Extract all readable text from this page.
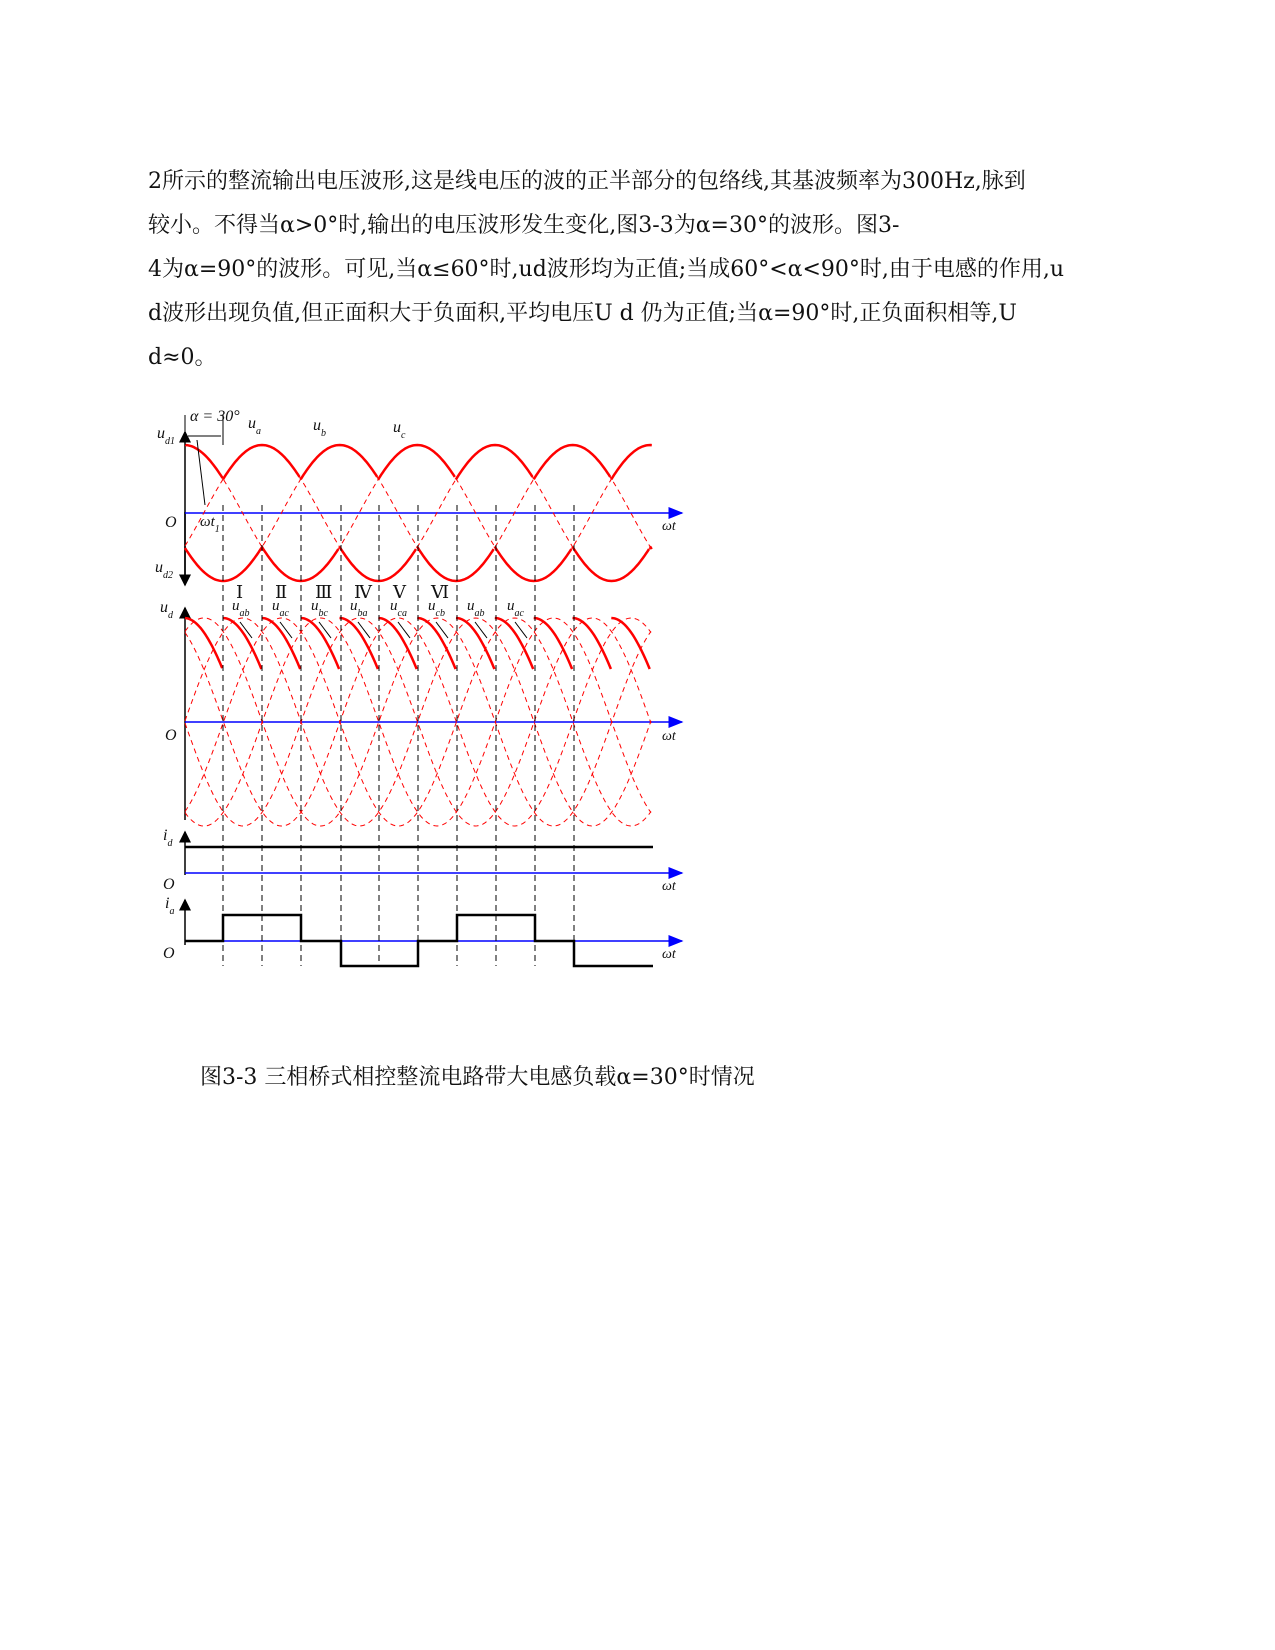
2所示的整流输出电压波形,这是线电压的波的正半部分的包络线,其基波频率为300Hz,脉到
较小。不得当α>0°时,输出的电压波形发生变化,图3-3为α=30°的波形。图3-
4为α=90°的波形。可见,当α≤60°时,ud波形均为正值;当成60°<α<90°时,由于电感的作用,u
d波形出现负值,但正面积大于负面积,平均电压U d 仍为正值;当α=90°时,正负面积相等,U
d≈0。
α = 30° $u_a$	$u_b$	$u_c$
$u_{d1}$
$u_{d2}$
$u_d$
$i_d$
$i_a$
O
O
O
O
ωt
ωt
ωt
ωt
$\omega t_1$
Ⅰ Ⅱ Ⅲ Ⅳ Ⅴ Ⅵ
$u_{ab}$ $u_{ac}$ $u_{bc}$ $u_{ba}$ $u_{ca}$ $u_{cb}$ $u_{ab}$ $u_{ac}$
图3-3 三相桥式相控整流电路带大电感负载α=30°时情况
